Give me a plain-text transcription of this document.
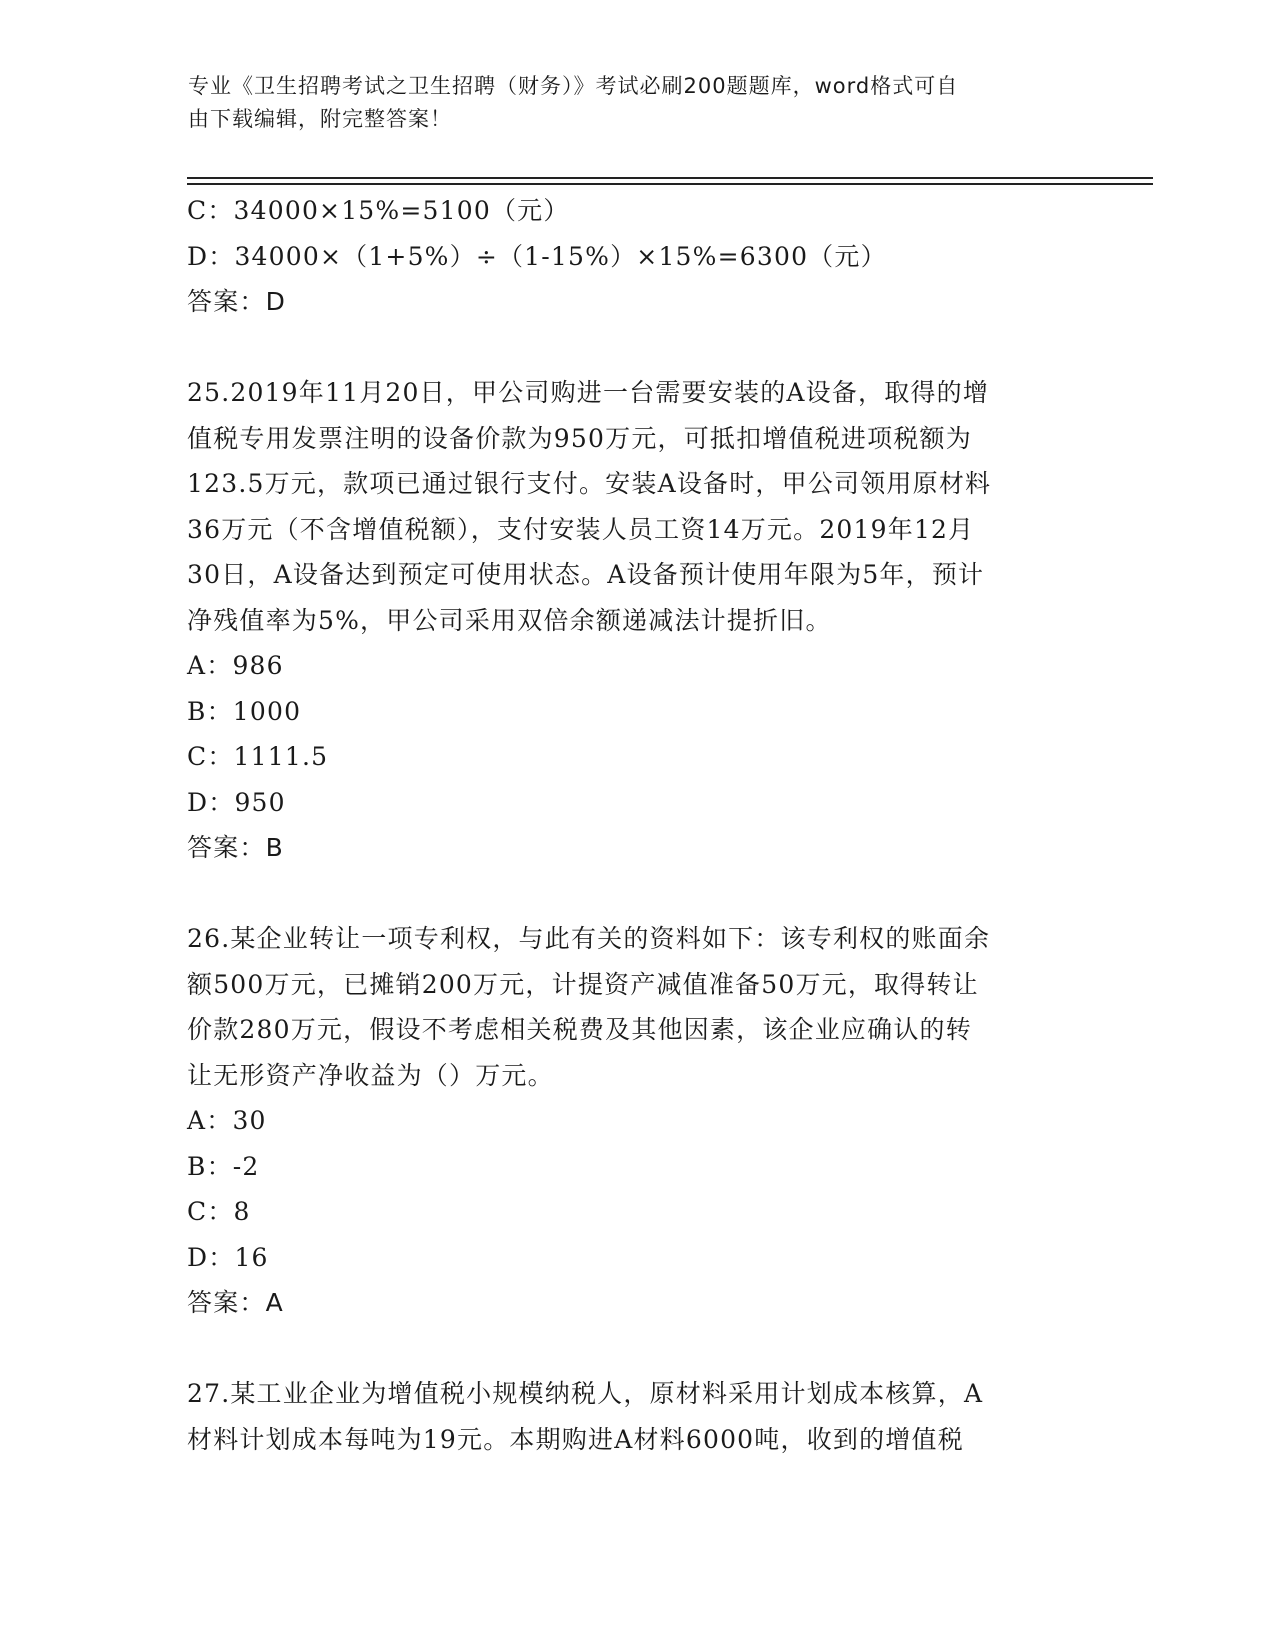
专业《卫生招聘考试之卫生招聘（财务）》考试必刷200题题库，word格式可自
由下载编辑，附完整答案！
C：34000×15%=5100（元）
D：34000×（1+5%）÷（1-15%）×15%=6300（元）
答案：D
25.2019年11月20日，甲公司购进一台需要安装的A设备，取得的增
值税专用发票注明的设备价款为950万元，可抵扣增值税进项税额为
123.5万元，款项已通过银行支付。安装A设备时，甲公司领用原材料
36万元（不含增值税额），支付安装人员工资14万元。2019年12月
30日，A设备达到预定可使用状态。A设备预计使用年限为5年，预计
净残值率为5%，甲公司采用双倍余额递减法计提折旧。
A：986
B：1000
C：1111.5
D：950
答案：B
26.某企业转让一项专利权，与此有关的资料如下：该专利权的账面余
额500万元，已摊销200万元，计提资产减值准备50万元，取得转让
价款280万元，假设不考虑相关税费及其他因素，该企业应确认的转
让无形资产净收益为（）万元。
A：30
B：-2
C：8
D：16
答案：A
27.某工业企业为增值税小规模纳税人，原材料采用计划成本核算，A
材料计划成本每吨为19元。本期购进A材料6000吨，收到的增值税
